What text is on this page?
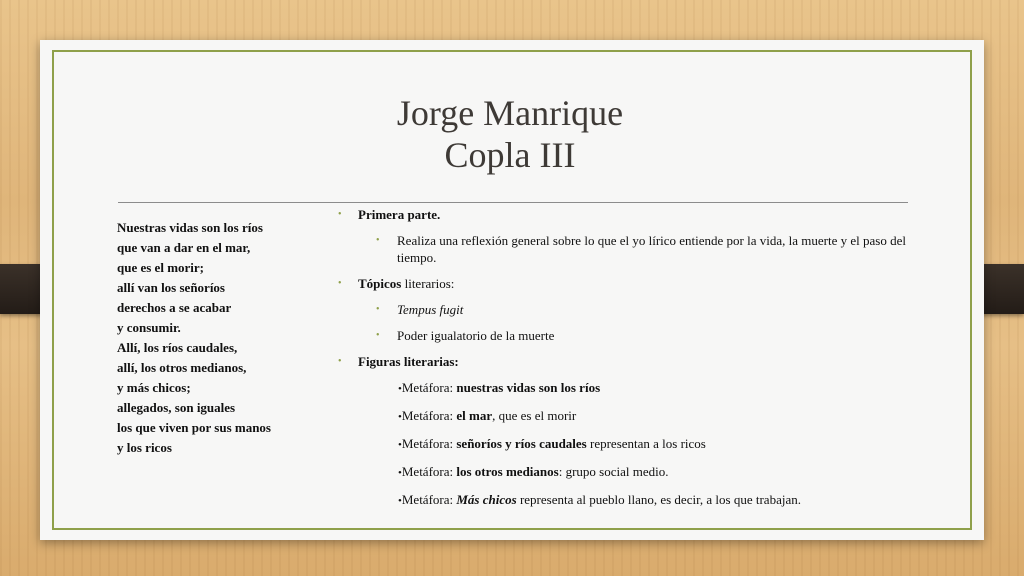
Jorge Manrique
Copla III
Nuestras vidas son los ríos
que van a dar en el mar,
que es el morir;
allí van los señoríos
derechos a se acabar
y consumir.
Allí, los ríos caudales,
allí, los otros medianos,
y más chicos;
allegados, son iguales
los que viven por sus manos
y los ricos
• Primera parte.
• Realiza una reflexión general sobre lo que el yo lírico entiende por la vida, la muerte y el paso del tiempo.
• Tópicos literarios:
• Tempus fugit
• Poder igualatorio de la muerte
• Figuras literarias:
•Metáfora: nuestras vidas son los ríos
•Metáfora: el mar, que es el morir
•Metáfora: señoríos y ríos caudales representan a los ricos
•Metáfora: los otros medianos: grupo social medio.
•Metáfora: Más chicos representa al pueblo llano, es decir, a los que trabajan.
